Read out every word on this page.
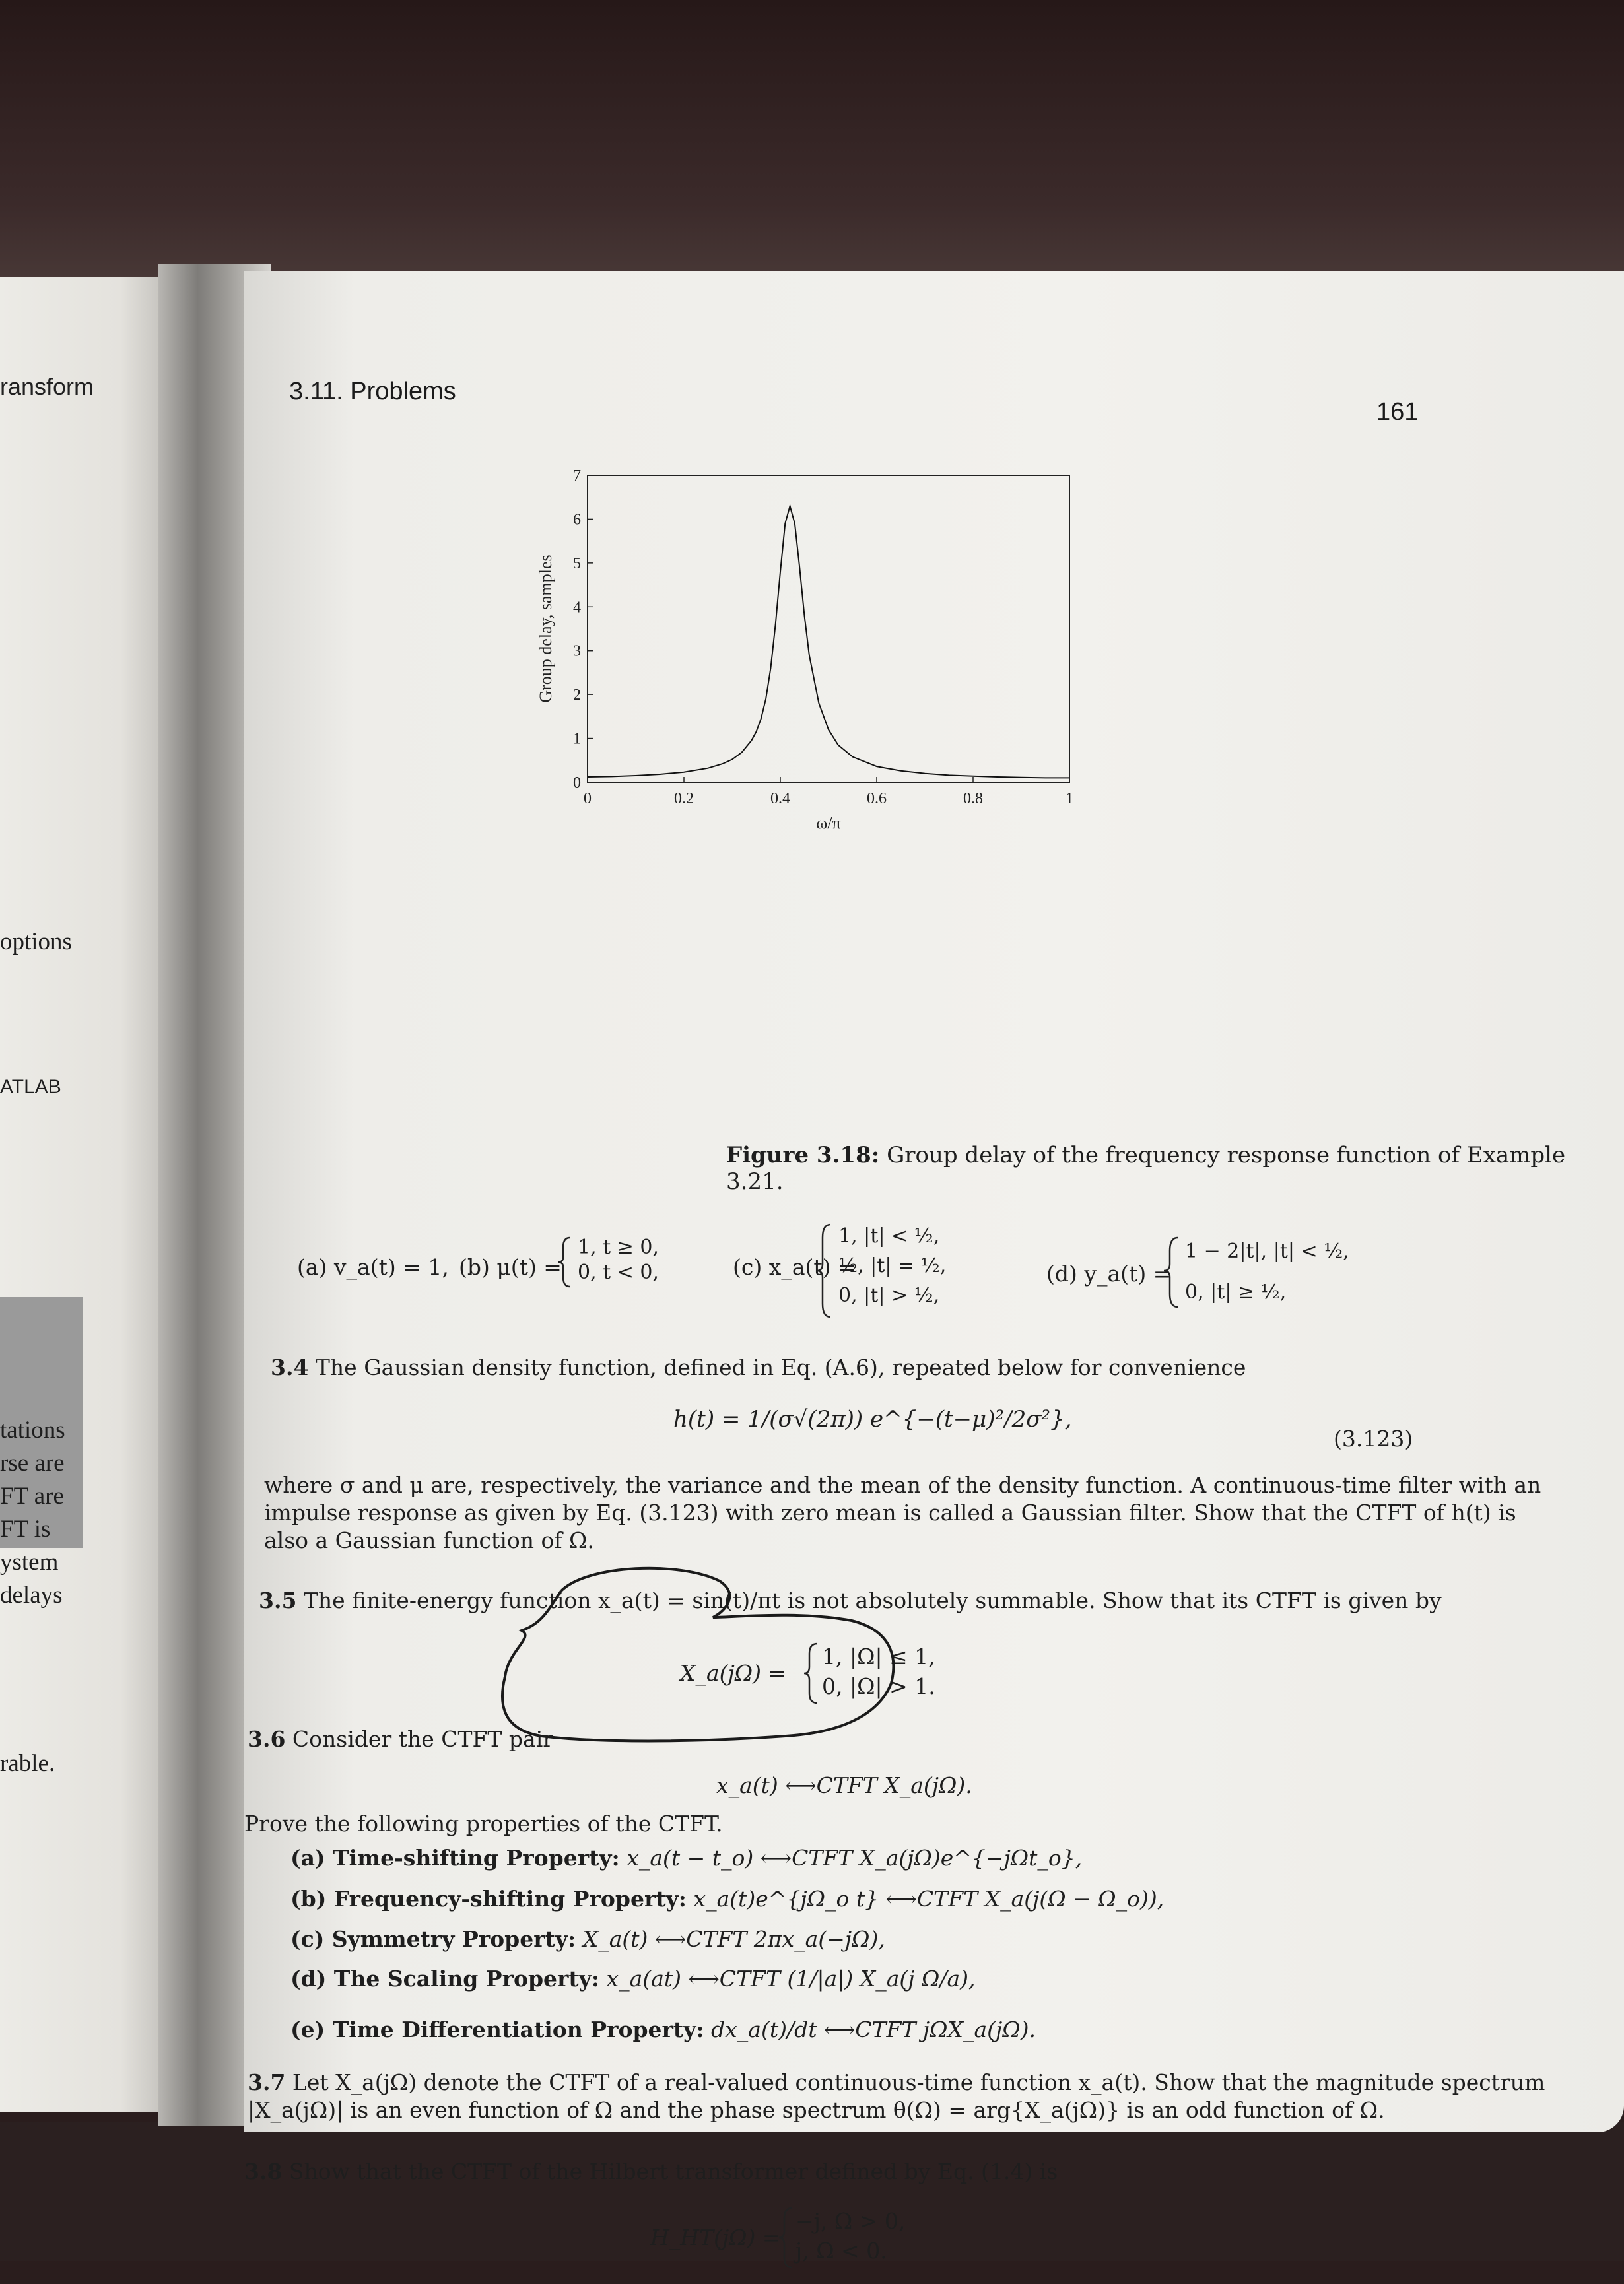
ransform
options
ATLAB
tations
rse are
FT are
FT is
ystem
delays
rable.
3.11. Problems
161
0	0.2	0.4	0.6	0.8	1
0
1
2
3
4
5
6
7
ω/π
Group delay, samples
Figure 3.18: Group delay of the frequency response function of Example 3.21.
(a) v_a(t) = 1, (b) μ(t) =
1, t ≥ 0,
0, t < 0,	(c) x_a(t) =
1, |t| < ½,
½, |t| = ½,
0, |t| > ½,
(d) y_a(t) =
1 − 2|t|, |t| < ½,
0, |t| ≥ ½,
3.4 The Gaussian density function, defined in Eq. (A.6), repeated below for convenience
h(t) = 1/(σ√(2π)) e^{−(t−μ)²/2σ²},
(3.123)
where σ and μ are, respectively, the variance and the mean of the density function. A continuous-time filter with an
impulse response as given by Eq. (3.123) with zero mean is called a Gaussian filter. Show that the CTFT of h(t) is
also a Gaussian function of Ω.
3.5 The finite-energy function x_a(t) = sin(t)/πt is not absolutely summable. Show that its CTFT is given by
X_a(jΩ) =
1, |Ω| ≤ 1,
0, |Ω| > 1.
3.6 Consider the CTFT pair
x_a(t) ⟷CTFT X_a(jΩ).
Prove the following properties of the CTFT.
(a) Time-shifting Property: x_a(t − t_o) ⟷CTFT X_a(jΩ)e^{−jΩt_o},
(b) Frequency-shifting Property: x_a(t)e^{jΩ_o t} ⟷CTFT X_a(j(Ω − Ω_o)),
(c) Symmetry Property: X_a(t) ⟷CTFT 2πx_a(−jΩ),
(d) The Scaling Property: x_a(at) ⟷CTFT (1/|a|) X_a(j Ω/a),
(e) Time Differentiation Property: dx_a(t)/dt ⟷CTFT jΩX_a(jΩ).
3.7 Let X_a(jΩ) denote the CTFT of a real-valued continuous-time function x_a(t). Show that the magnitude spectrum
|X_a(jΩ)| is an even function of Ω and the phase spectrum θ(Ω) = arg{X_a(jΩ)} is an odd function of Ω.
3.8 Show that the CTFT of the Hilbert transformer defined by Eq. (1.4) is
H_HT(jΩ) =
−j, Ω > 0,
j, Ω < 0.
